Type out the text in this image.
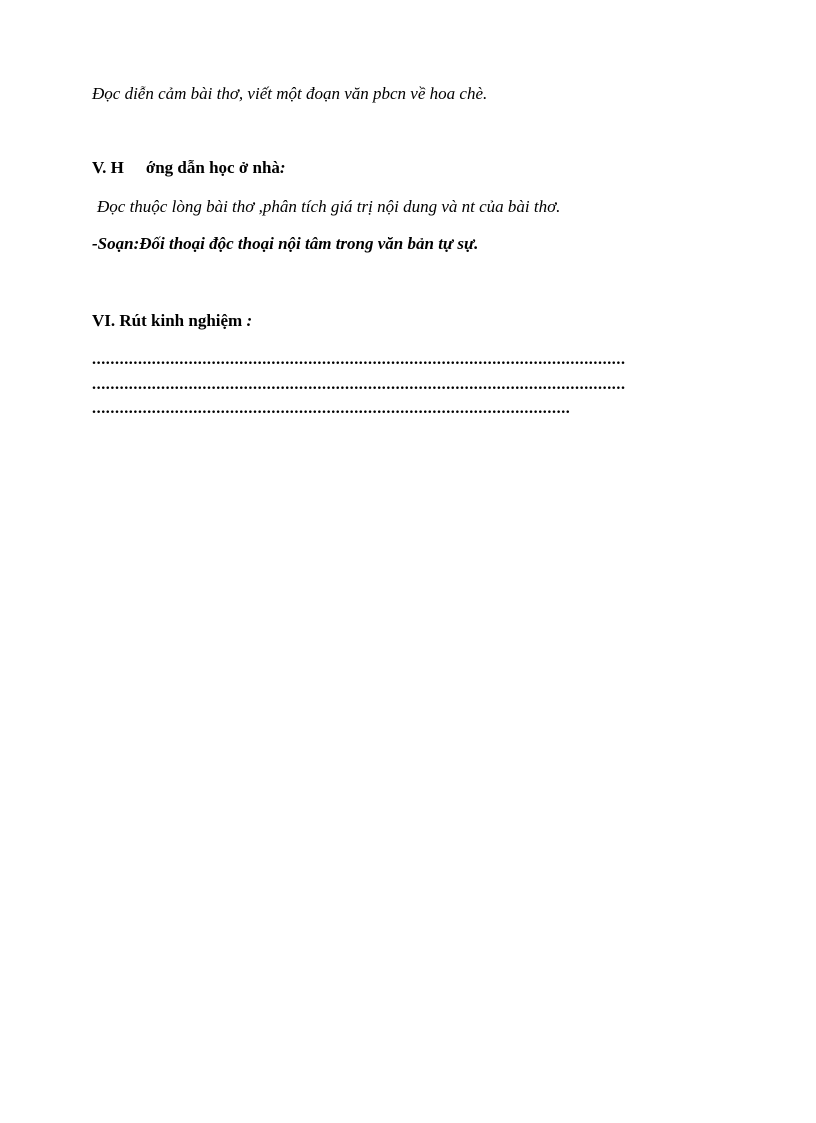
Đọc diễn cảm bài thơ, viết một đoạn văn pbcn về hoa chè.
V. H ớng dẫn học ở nhà:
Đọc thuộc lòng bài thơ ,phân tích giá trị nội dung và nt của bài thơ.
-Soạn:Đối thoại độc thoại nội tâm trong văn bản tự sự.
VI. Rút kinh nghiệm :
....................................................................................................................
....................................................................................................................
........................................................................................................
